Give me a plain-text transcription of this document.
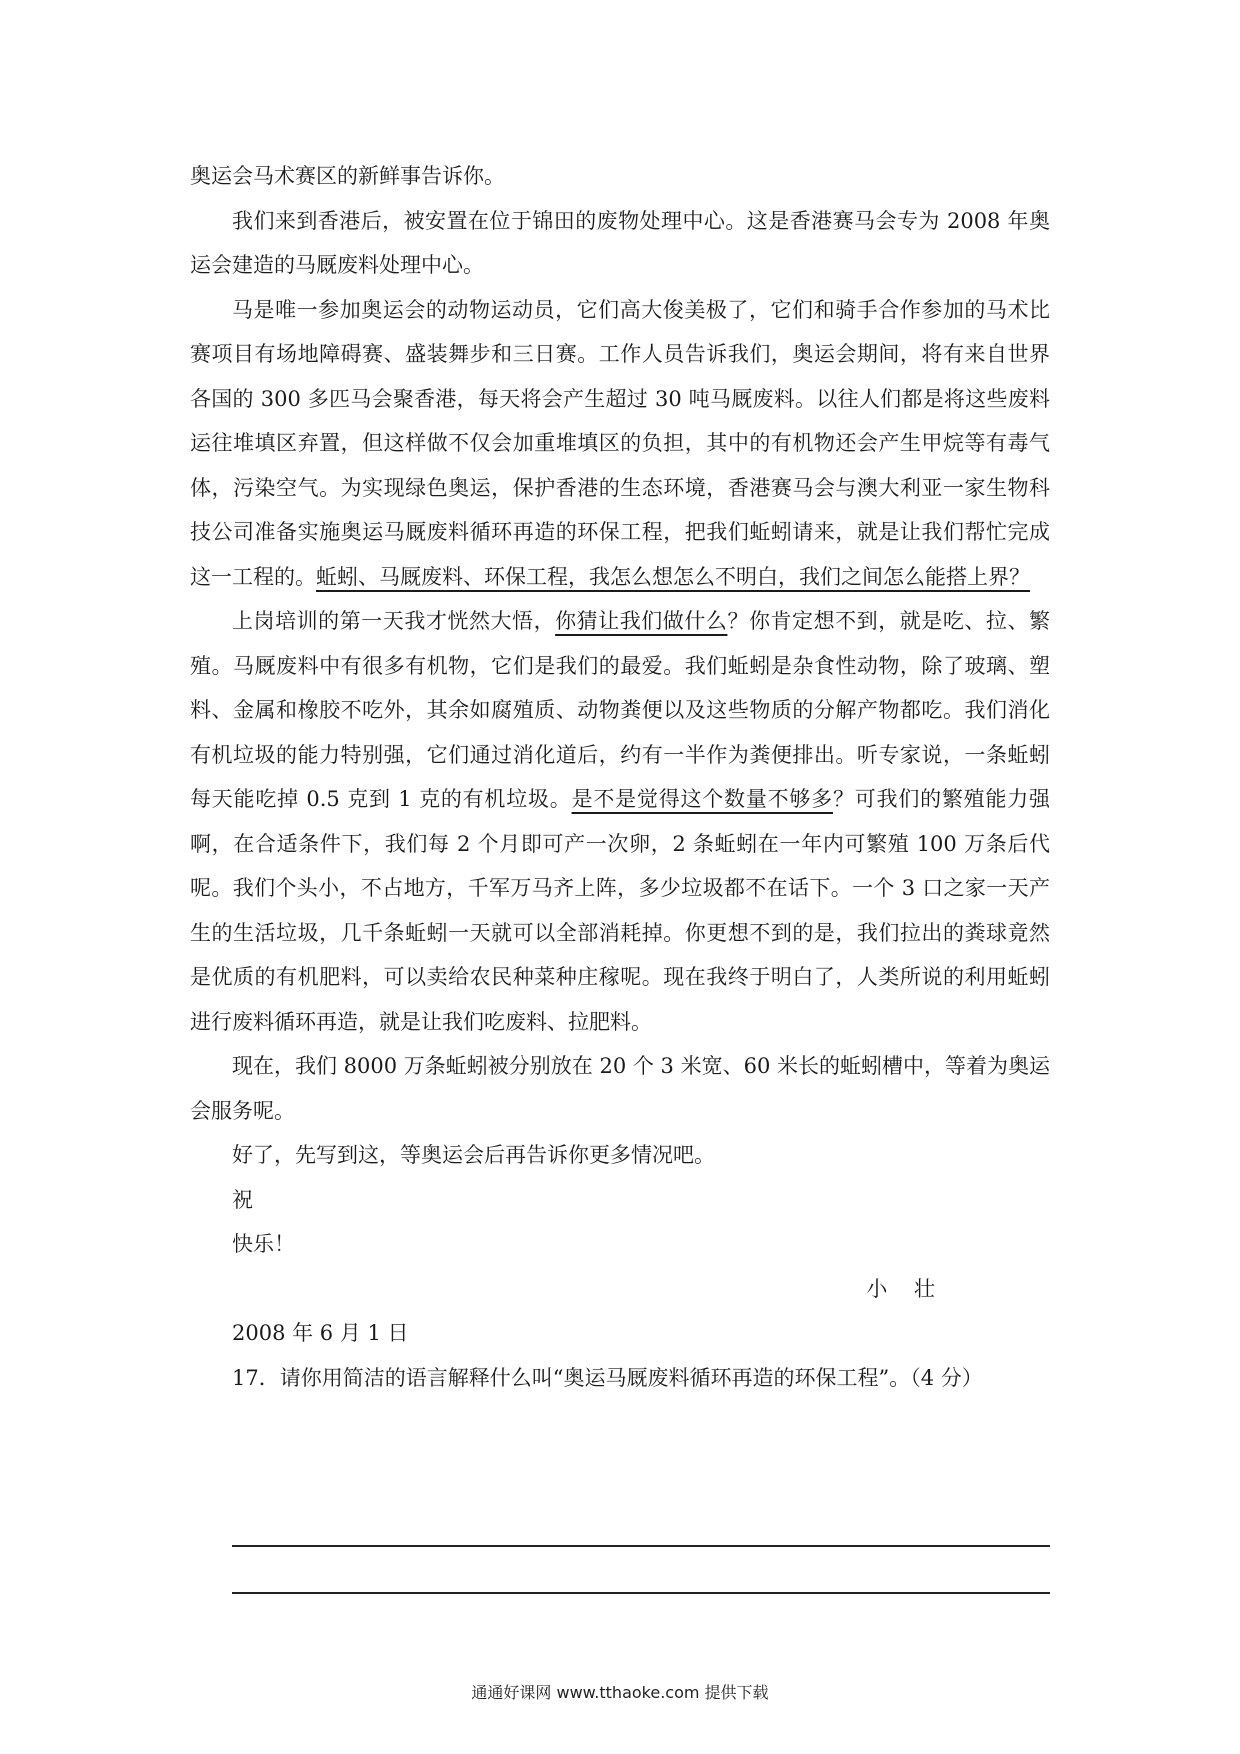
奥运会马术赛区的新鲜事告诉你。

我们来到香港后，被安置在位于锦田的废物处理中心。这是香港赛马会专为 2008 年奥运会建造的马厩废料处理中心。

马是唯一参加奥运会的动物运动员，它们高大俊美极了，它们和骑手合作参加的马术比赛项目有场地障碍赛、盛装舞步和三日赛。工作人员告诉我们，奥运会期间，将有来自世界各国的 300 多匹马会聚香港，每天将会产生超过 30 吨马厩废料。以往人们都是将这些废料运往堆填区弃置，但这样做不仅会加重堆填区的负担，其中的有机物还会产生甲烷等有毒气体，污染空气。为实现绿色奥运，保护香港的生态环境，香港赛马会与澳大利亚一家生物科技公司准备实施奥运马厩废料循环再造的环保工程，把我们蚯蚓请来，就是让我们帮忙完成这一工程的。蚯蚓、马厩废料、环保工程，我怎么想怎么不明白，我们之间怎么能搭上界？

上岗培训的第一天我才恍然大悟，你猜让我们做什么？你肯定想不到，就是吃、拉、繁殖。马厩废料中有很多有机物，它们是我们的最爱。我们蚯蚓是杂食性动物，除了玻璃、塑料、金属和橡胶不吃外，其余如腐殖质、动物粪便以及这些物质的分解产物都吃。我们消化有机垃圾的能力特别强，它们通过消化道后，约有一半作为粪便排出。听专家说，一条蚯蚓每天能吃掉 0.5 克到 1 克的有机垃圾。是不是觉得这个数量不够多？可我们的繁殖能力强啊，在合适条件下，我们每 2 个月即可产一次卵，2 条蚯蚓在一年内可繁殖 100 万条后代呢。我们个头小，不占地方，千军万马齐上阵，多少垃圾都不在话下。一个 3 口之家一天产生的生活垃圾，几千条蚯蚓一天就可以全部消耗掉。你更想不到的是，我们拉出的粪球竟然是优质的有机肥料，可以卖给农民种菜种庄稼呢。现在我终于明白了，人类所说的利用蚯蚓进行废料循环再造，就是让我们吃废料、拉肥料。

现在，我们 8000 万条蚯蚓被分别放在 20 个 3 米宽、60 米长的蚯蚓槽中，等着为奥运会服务呢。

好了，先写到这，等奥运会后再告诉你更多情况吧。

祝

快乐！

小 壮

2008 年 6 月 1 日

17．请你用简洁的语言解释什么叫“奥运马厩废料循环再造的环保工程”。（4 分）

通通好课网 www.tthaoke.com 提供下载
